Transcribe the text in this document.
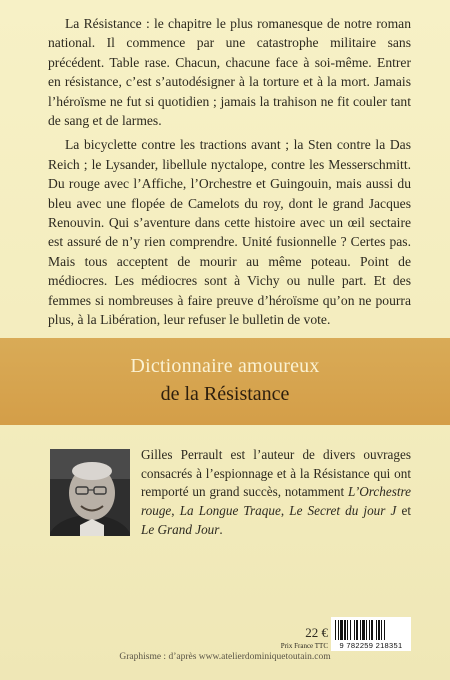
La Résistance : le chapitre le plus romanesque de notre roman national. Il commence par une catastrophe militaire sans précédent. Table rase. Chacun, chacune face à soi-même. Entrer en résistance, c’est s’autodésigner à la torture et à la mort. Jamais l’héroïsme ne fut si quotidien ; jamais la trahison ne fit couler tant de sang et de larmes.

La bicyclette contre les tractions avant ; la Sten contre la Das Reich ; le Lysander, libellule nyctalope, contre les Messerschmitt. Du rouge avec l’Affiche, l’Orchestre et Guingouin, mais aussi du bleu avec une flopée de Camelots du roy, dont le grand Jacques Renouvin. Qui s’aventure dans cette histoire avec un œil sectaire est assuré de n’y rien comprendre. Unité fusionnelle ? Certes pas. Mais tous acceptent de mourir au même poteau. Point de médiocres. Les médiocres sont à Vichy ou nulle part. Et des femmes si nombreuses à faire preuve d’héroïsme qu’on ne pourra plus, à la Libération, leur refuser le bulletin de vote.

Dictionnaire amoureux
de la Résistance

Gilles Perrault est l’auteur de divers ouvrages consacrés à l’espionnage et à la Résistance qui ont remporté un grand succès, notamment L’Orchestre rouge, La Longue Traque, Le Secret du jour J et Le Grand Jour.

22 €
Prix France TTC	9 782259 218351
Graphisme : d’après www.atelierdominiquetoutain.com
